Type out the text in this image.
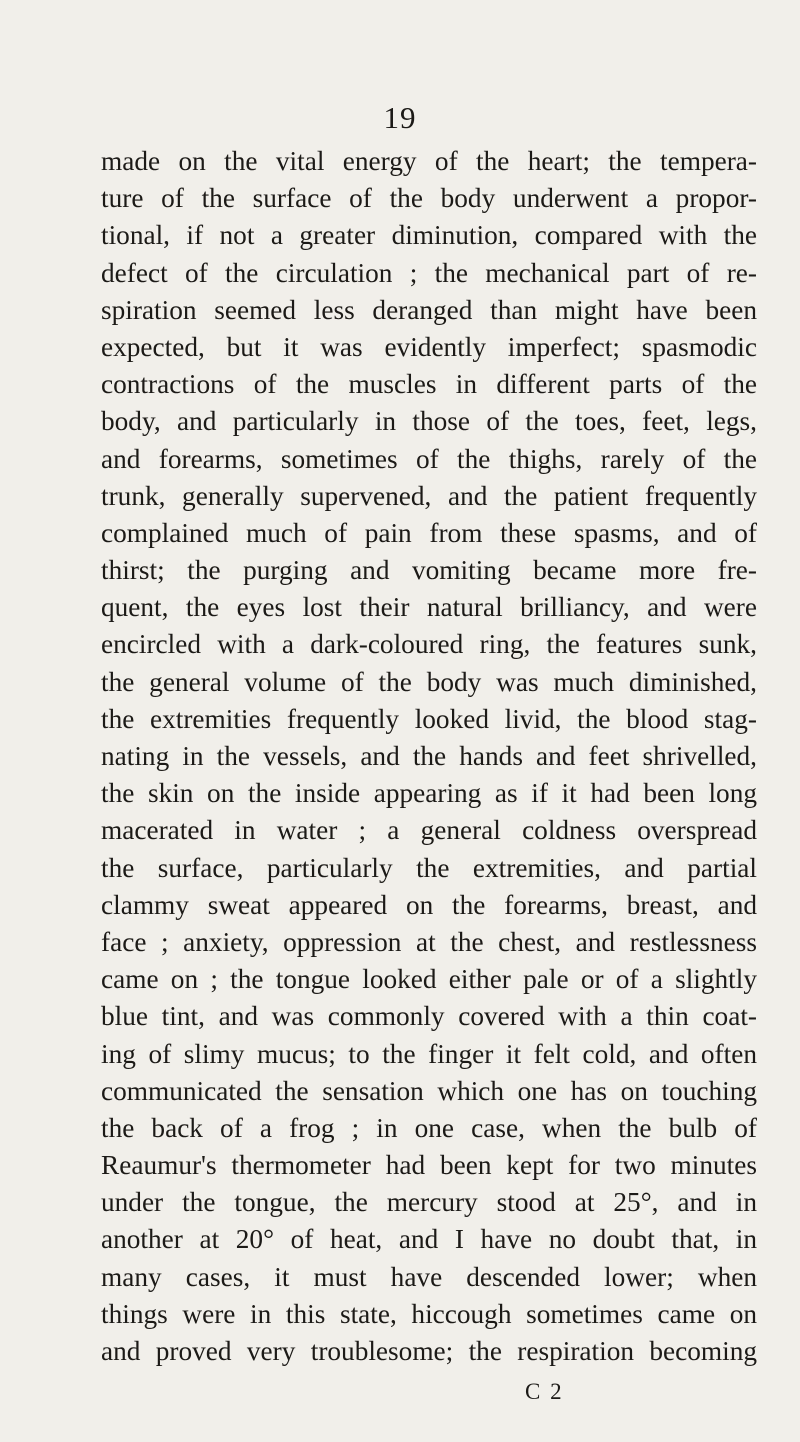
19
made on the vital energy of the heart; the tempera-
ture of the surface of the body underwent a propor-
tional, if not a greater diminution, compared with the
defect of the circulation ; the mechanical part of re-
spiration seemed less deranged than might have been
expected, but it was evidently imperfect; spasmodic
contractions of the muscles in different parts of the
body, and particularly in those of the toes, feet, legs,
and forearms, sometimes of the thighs, rarely of the
trunk, generally supervened, and the patient frequently
complained much of pain from these spasms, and of
thirst; the purging and vomiting became more fre-
quent, the eyes lost their natural brilliancy, and were
encircled with a dark-coloured ring, the features sunk,
the general volume of the body was much diminished,
the extremities frequently looked livid, the blood stag-
nating in the vessels, and the hands and feet shrivelled,
the skin on the inside appearing as if it had been long
macerated in water ; a general coldness overspread
the surface, particularly the extremities, and partial
clammy sweat appeared on the forearms, breast, and
face ; anxiety, oppression at the chest, and restlessness
came on ; the tongue looked either pale or of a slightly
blue tint, and was commonly covered with a thin coat-
ing of slimy mucus; to the finger it felt cold, and often
communicated the sensation which one has on touching
the back of a frog ; in one case, when the bulb of
Reaumur's thermometer had been kept for two minutes
under the tongue, the mercury stood at 25°, and in
another at 20° of heat, and I have no doubt that, in
many cases, it must have descended lower; when
things were in this state, hiccough sometimes came on
and proved very troublesome; the respiration becoming
C 2
